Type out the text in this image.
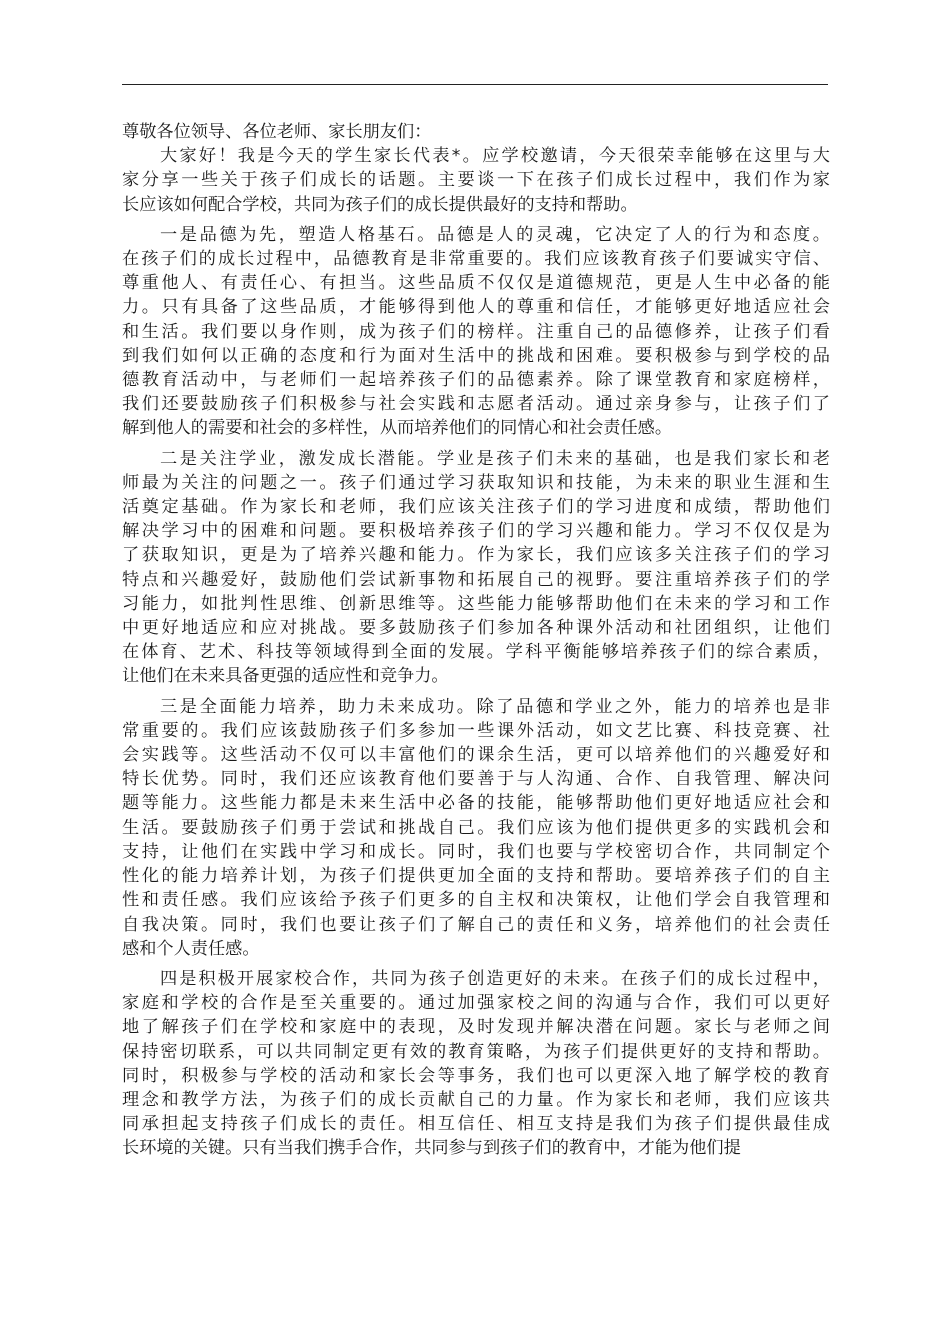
尊敬各位领导、各位老师、家长朋友们：

大家好！我是今天的学生家长代表*。应学校邀请，今天很荣幸能够在这里与大
家分享一些关于孩子们成长的话题。主要谈一下在孩子们成长过程中，我们作为家
长应该如何配合学校，共同为孩子们的成长提供最好的支持和帮助。
一是品德为先，塑造人格基石。品德是人的灵魂，它决定了人的行为和态度。
在孩子们的成长过程中，品德教育是非常重要的。我们应该教育孩子们要诚实守信、
尊重他人、有责任心、有担当。这些品质不仅仅是道德规范，更是人生中必备的能
力。只有具备了这些品质，才能够得到他人的尊重和信任，才能够更好地适应社会
和生活。我们要以身作则，成为孩子们的榜样。注重自己的品德修养，让孩子们看
到我们如何以正确的态度和行为面对生活中的挑战和困难。要积极参与到学校的品
德教育活动中，与老师们一起培养孩子们的品德素养。除了课堂教育和家庭榜样，
我们还要鼓励孩子们积极参与社会实践和志愿者活动。通过亲身参与，让孩子们了
解到他人的需要和社会的多样性，从而培养他们的同情心和社会责任感。
二是关注学业，激发成长潜能。学业是孩子们未来的基础，也是我们家长和老
师最为关注的问题之一。孩子们通过学习获取知识和技能，为未来的职业生涯和生
活奠定基础。作为家长和老师，我们应该关注孩子们的学习进度和成绩，帮助他们
解决学习中的困难和问题。要积极培养孩子们的学习兴趣和能力。学习不仅仅是为
了获取知识，更是为了培养兴趣和能力。作为家长，我们应该多关注孩子们的学习
特点和兴趣爱好，鼓励他们尝试新事物和拓展自己的视野。要注重培养孩子们的学
习能力，如批判性思维、创新思维等。这些能力能够帮助他们在未来的学习和工作
中更好地适应和应对挑战。要多鼓励孩子们参加各种课外活动和社团组织，让他们
在体育、艺术、科技等领域得到全面的发展。学科平衡能够培养孩子们的综合素质，
让他们在未来具备更强的适应性和竞争力。
三是全面能力培养，助力未来成功。除了品德和学业之外，能力的培养也是非
常重要的。我们应该鼓励孩子们多参加一些课外活动，如文艺比赛、科技竞赛、社
会实践等。这些活动不仅可以丰富他们的课余生活，更可以培养他们的兴趣爱好和
特长优势。同时，我们还应该教育他们要善于与人沟通、合作、自我管理、解决问
题等能力。这些能力都是未来生活中必备的技能，能够帮助他们更好地适应社会和
生活。要鼓励孩子们勇于尝试和挑战自己。我们应该为他们提供更多的实践机会和
支持，让他们在实践中学习和成长。同时，我们也要与学校密切合作，共同制定个
性化的能力培养计划，为孩子们提供更加全面的支持和帮助。要培养孩子们的自主
性和责任感。我们应该给予孩子们更多的自主权和决策权，让他们学会自我管理和
自我决策。同时，我们也要让孩子们了解自己的责任和义务，培养他们的社会责任
感和个人责任感。
四是积极开展家校合作，共同为孩子创造更好的未来。在孩子们的成长过程中，
家庭和学校的合作是至关重要的。通过加强家校之间的沟通与合作，我们可以更好
地了解孩子们在学校和家庭中的表现，及时发现并解决潜在问题。家长与老师之间
保持密切联系，可以共同制定更有效的教育策略，为孩子们提供更好的支持和帮助。
同时，积极参与学校的活动和家长会等事务，我们也可以更深入地了解学校的教育
理念和教学方法，为孩子们的成长贡献自己的力量。作为家长和老师，我们应该共
同承担起支持孩子们成长的责任。相互信任、相互支持是我们为孩子们提供最佳成
长环境的关键。只有当我们携手合作，共同参与到孩子们的教育中，才能为他们提
